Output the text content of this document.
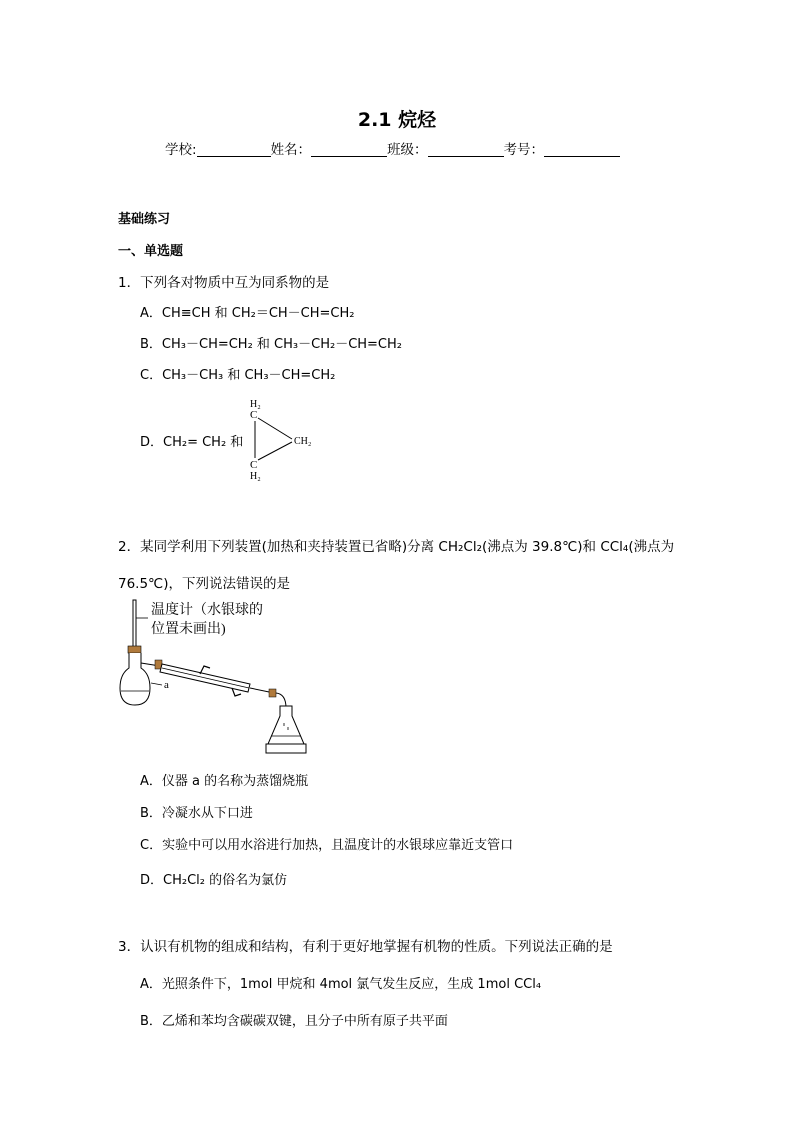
2.1 烷烃
学校:	姓名：	班级：	考号：
基础练习
一、单选题
1．下列各对物质中互为同系物的是
A．CH≡CH 和 CH₂＝CH－CH=CH₂
B．CH₃－CH=CH₂ 和 CH₃－CH₂－CH=CH₂
C．CH₃－CH₃ 和 CH₃－CH=CH₂
D．CH₂= CH₂ 和
H₂
C
CH₂
C
H₂
2．某同学利用下列装置(加热和夹持装置已省略)分离 CH₂Cl₂(沸点为 39.8℃)和 CCl₄(沸点为
76.5℃)，下列说法错误的是
温度计（水银球的
位置未画出)
a
A．仪器 a 的名称为蒸馏烧瓶
B．冷凝水从下口进
C．实验中可以用水浴进行加热，且温度计的水银球应靠近支管口
D．CH₂Cl₂ 的俗名为氯仿
3．认识有机物的组成和结构，有利于更好地掌握有机物的性质。下列说法正确的是
A．光照条件下，1mol 甲烷和 4mol 氯气发生反应，生成 1mol CCl₄
B．乙烯和苯均含碳碳双键，且分子中所有原子共平面
